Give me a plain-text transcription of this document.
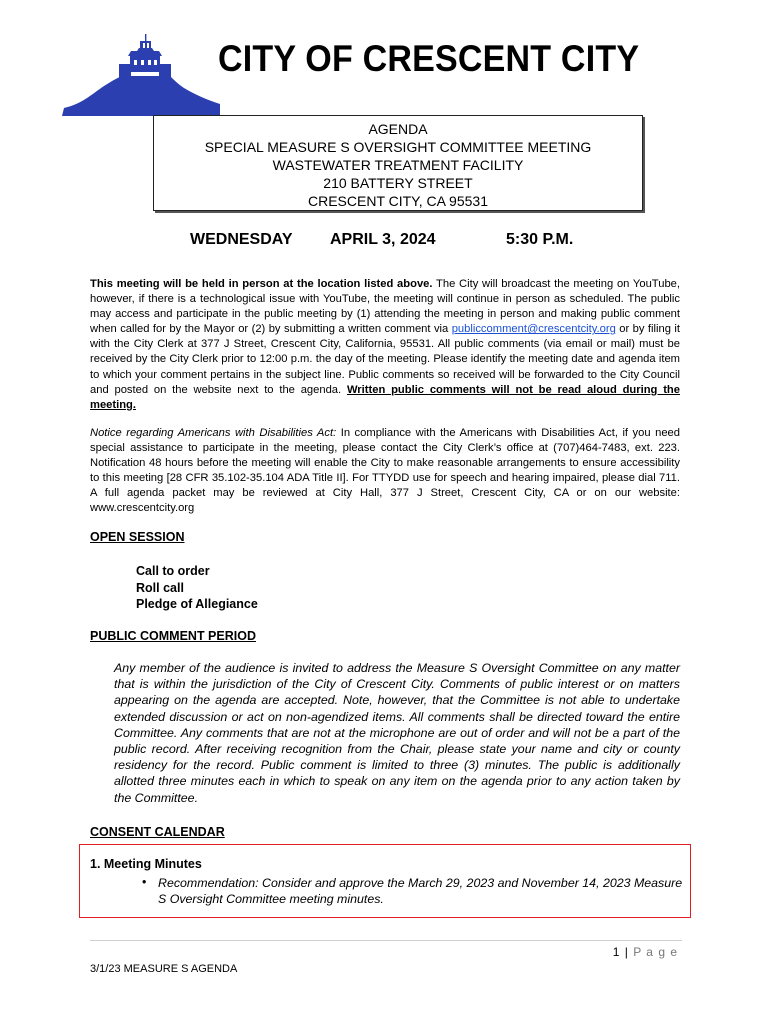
CITY OF CRESCENT CITY
AGENDA
SPECIAL MEASURE S OVERSIGHT COMMITTEE MEETING
WASTEWATER TREATMENT FACILITY
210 BATTERY STREET
CRESCENT CITY, CA 95531
WEDNESDAY APRIL 3, 2024	5:30 P.M.
This meeting will be held in person at the location listed above. The City will broadcast the meeting on YouTube, however, if there is a technological issue with YouTube, the meeting will continue in person as scheduled. The public may access and participate in the public meeting by (1) attending the meeting in person and making public comment when called for by the Mayor or (2) by submitting a written comment via publiccomment@crescentcity.org or by filing it with the City Clerk at 377 J Street, Crescent City, California, 95531. All public comments (via email or mail) must be received by the City Clerk prior to 12:00 p.m. the day of the meeting. Please identify the meeting date and agenda item to which your comment pertains in the subject line. Public comments so received will be forwarded to the City Council and posted on the website next to the agenda. Written public comments will not be read aloud during the meeting.
Notice regarding Americans with Disabilities Act: In compliance with the Americans with Disabilities Act, if you need special assistance to participate in the meeting, please contact the City Clerk’s office at (707)464-7483, ext. 223. Notification 48 hours before the meeting will enable the City to make reasonable arrangements to ensure accessibility to this meeting [28 CFR 35.102-35.104 ADA Title II]. For TTYDD use for speech and hearing impaired, please dial 711. A full agenda packet may be reviewed at City Hall, 377 J Street, Crescent City, CA or on our website: www.crescentcity.org
OPEN SESSION
Call to order
Roll call
Pledge of Allegiance
PUBLIC COMMENT PERIOD
Any member of the audience is invited to address the Measure S Oversight Committee on any matter that is within the jurisdiction of the City of Crescent City. Comments of public interest or on matters appearing on the agenda are accepted. Note, however, that the Committee is not able to undertake extended discussion or act on non-agendized items. All comments shall be directed toward the entire Committee. Any comments that are not at the microphone are out of order and will not be a part of the public record. After receiving recognition from the Chair, please state your name and city or county residency for the record. Public comment is limited to three (3) minutes. The public is additionally allotted three minutes each in which to speak on any item on the agenda prior to any action taken by the Committee.
CONSENT CALENDAR
1. Meeting Minutes
• Recommendation: Consider and approve the March 29, 2023 and November 14, 2023 Measure S Oversight Committee meeting minutes.
1 | P a g e
3/1/23 MEASURE S AGENDA
